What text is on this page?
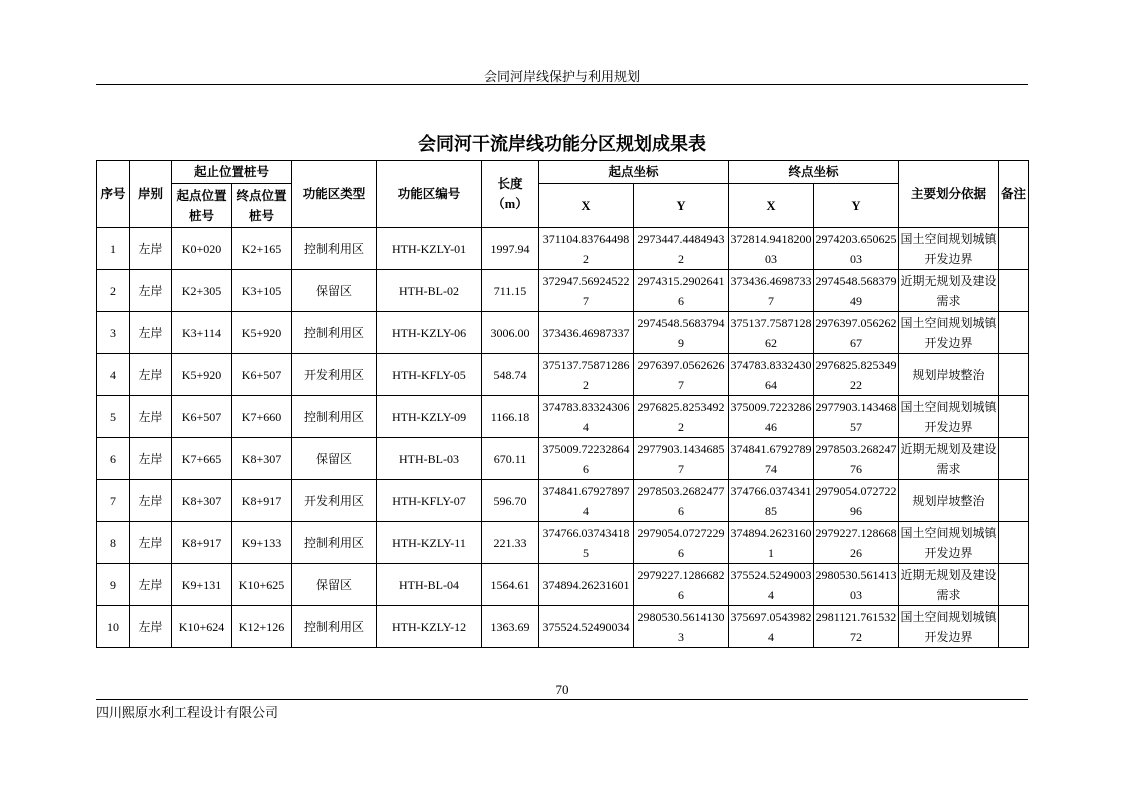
会同河岸线保护与利用规划
会同河干流岸线功能分区规划成果表
序号	岸别	起止位置桩号		功能区类型	功能区编号	长度（m）	起点坐标		终点坐标		主要划分依据	备注
		起点位置桩号	终点位置桩号				X	Y	X	Y		

1	左岸	K0+020	K2+165	控制利用区	HTH-KZLY-01	1997.94	371104.837644982	2973447.44849432	372814.941820003	2974203.65062503	国土空间规划城镇开发边界	
2	左岸	K2+305	K3+105	保留区	HTH-BL-02	711.15	372947.569245227	2974315.29026416	373436.46987337	2974548.56837949	近期无规划及建设需求	
3	左岸	K3+114	K5+920	控制利用区	HTH-KZLY-06	3006.00	373436.46987337	2974548.56837949	375137.758712862	2976397.05626267	国土空间规划城镇开发边界	
4	左岸	K5+920	K6+507	开发利用区	HTH-KFLY-05	548.74	375137.758712862	2976397.05626267	374783.833243064	2976825.82534922	规划岸坡整治	
5	左岸	K6+507	K7+660	控制利用区	HTH-KZLY-09	1166.18	374783.833243064	2976825.82534922	375009.722328646	2977903.14346857	国土空间规划城镇开发边界	
6	左岸	K7+665	K8+307	保留区	HTH-BL-03	670.11	375009.722328646	2977903.14346857	374841.679278974	2978503.26824776	近期无规划及建设需求	
7	左岸	K8+307	K8+917	开发利用区	HTH-KFLY-07	596.70	374841.679278974	2978503.26824776	374766.037434185	2979054.07272296	规划岸坡整治	
8	左岸	K8+917	K9+133	控制利用区	HTH-KZLY-11	221.33	374766.037434185	2979054.07272296	374894.26231601	2979227.12866826	国土空间规划城镇开发边界	
9	左岸	K9+131	K10+625	保留区	HTH-BL-04	1564.61	374894.26231601	2979227.12866826	375524.52490034	2980530.56141303	近期无规划及建设需求	
10	左岸	K10+624	K12+126	控制利用区	HTH-KZLY-12	1363.69	375524.52490034	2980530.56141303	375697.05439824	2981121.76153272	国土空间规划城镇开发边界	
70
四川熙原水利工程设计有限公司
